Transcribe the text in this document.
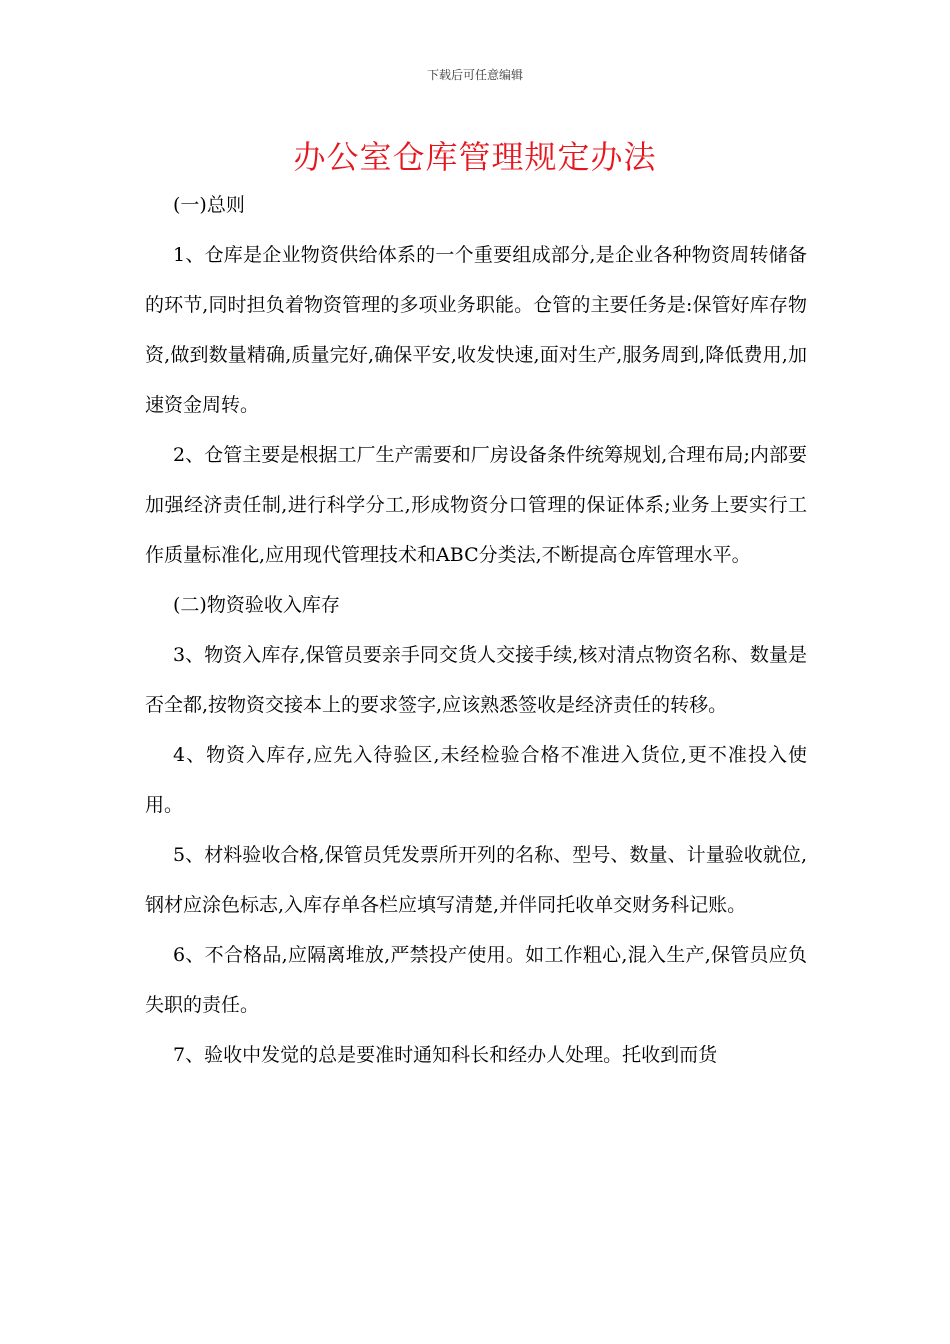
下载后可任意编辑
办公室仓库管理规定办法
(一)总则

1、仓库是企业物资供给体系的一个重要组成部分,是企业各种物资周转储备的环节,同时担负着物资管理的多项业务职能。仓管的主要任务是:保管好库存物资,做到数量精确,质量完好,确保平安,收发快速,面对生产,服务周到,降低费用,加速资金周转。

2、仓管主要是根据工厂生产需要和厂房设备条件统筹规划,合理布局;内部要加强经济责任制,进行科学分工,形成物资分口管理的保证体系;业务上要实行工作质量标准化,应用现代管理技术和ABC分类法,不断提高仓库管理水平。

(二)物资验收入库存

3、物资入库存,保管员要亲手同交货人交接手续,核对清点物资名称、数量是否全都,按物资交接本上的要求签字,应该熟悉签收是经济责任的转移。

4、物资入库存,应先入待验区,未经检验合格不准进入货位,更不准投入使用。

5、材料验收合格,保管员凭发票所开列的名称、型号、数量、计量验收就位,钢材应涂色标志,入库存单各栏应填写清楚,并伴同托收单交财务科记账。

6、不合格品,应隔离堆放,严禁投产使用。如工作粗心,混入生产,保管员应负失职的责任。

7、验收中发觉的总是要准时通知科长和经办人处理。托收到而货
